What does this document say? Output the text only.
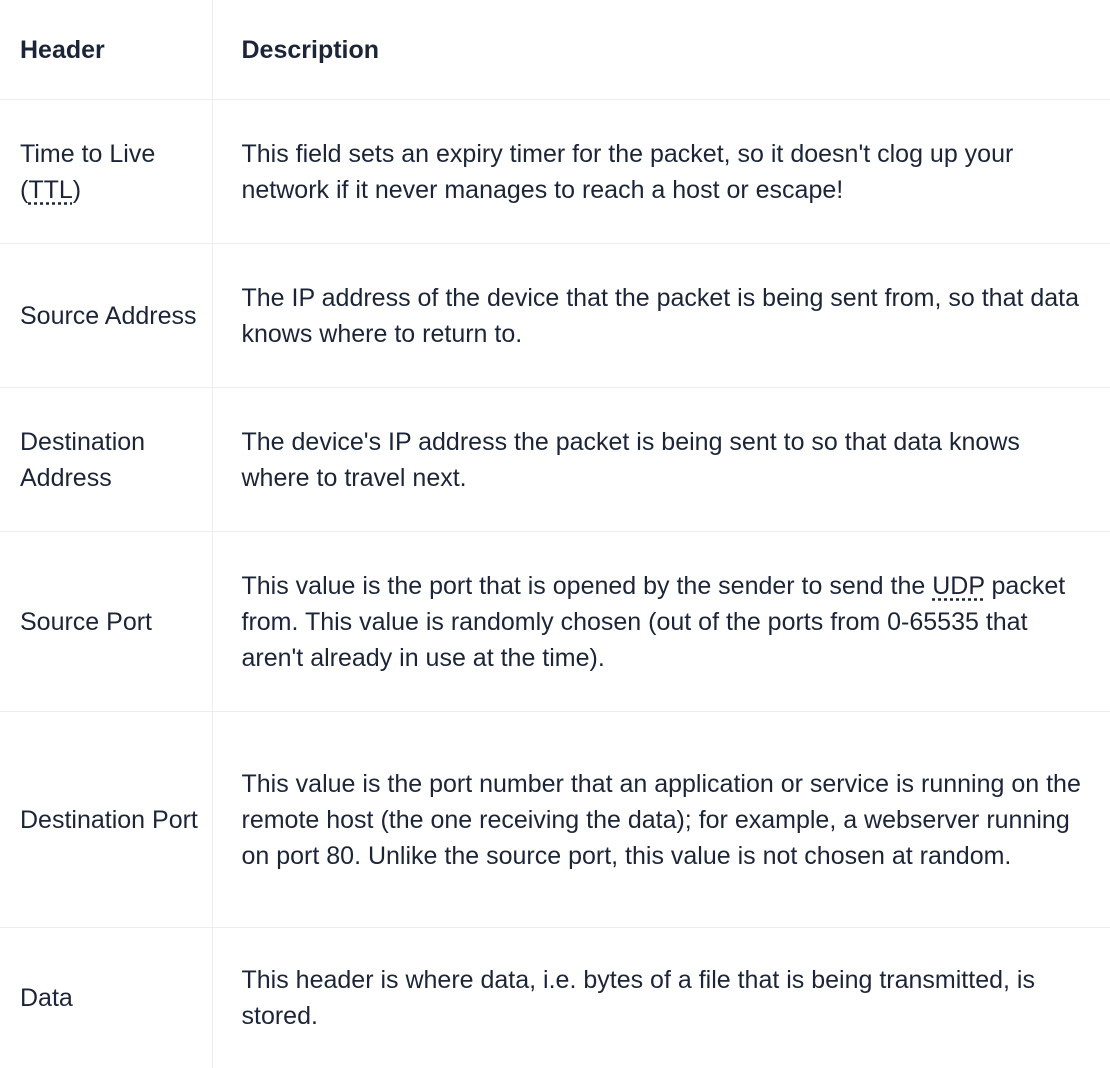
Header	Description
Time to Live (TTL)	This field sets an expiry timer for the packet, so it doesn't clog up your network if it never manages to reach a host or escape!
Source Address	The IP address of the device that the packet is being sent from, so that data knows where to return to.
Destination Address	The device's IP address the packet is being sent to so that data knows where to travel next.
Source Port	This value is the port that is opened by the sender to send the UDP packet from. This value is randomly chosen (out of the ports from 0-65535 that aren't already in use at the time).
Destination Port	This value is the port number that an application or service is running on the remote host (the one receiving the data); for example, a webserver running on port 80. Unlike the source port, this value is not chosen at random.
Data	This header is where data, i.e. bytes of a file that is being transmitted, is stored.
